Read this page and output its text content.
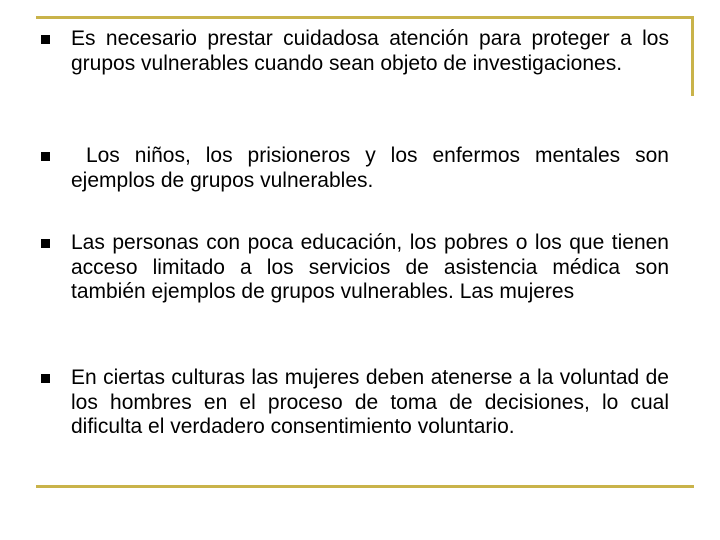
Es necesario prestar cuidadosa atención para proteger a los grupos vulnerables cuando sean objeto de investigaciones.
Los niños, los prisioneros y los enfermos mentales son ejemplos de grupos vulnerables.
Las personas con poca educación, los pobres o los que tienen acceso limitado a los servicios de asistencia médica son también ejemplos de grupos vulnerables. Las mujeres
En ciertas culturas las mujeres deben atenerse a la voluntad de los hombres en el proceso de toma de decisiones, lo cual dificulta el verdadero consentimiento voluntario.
